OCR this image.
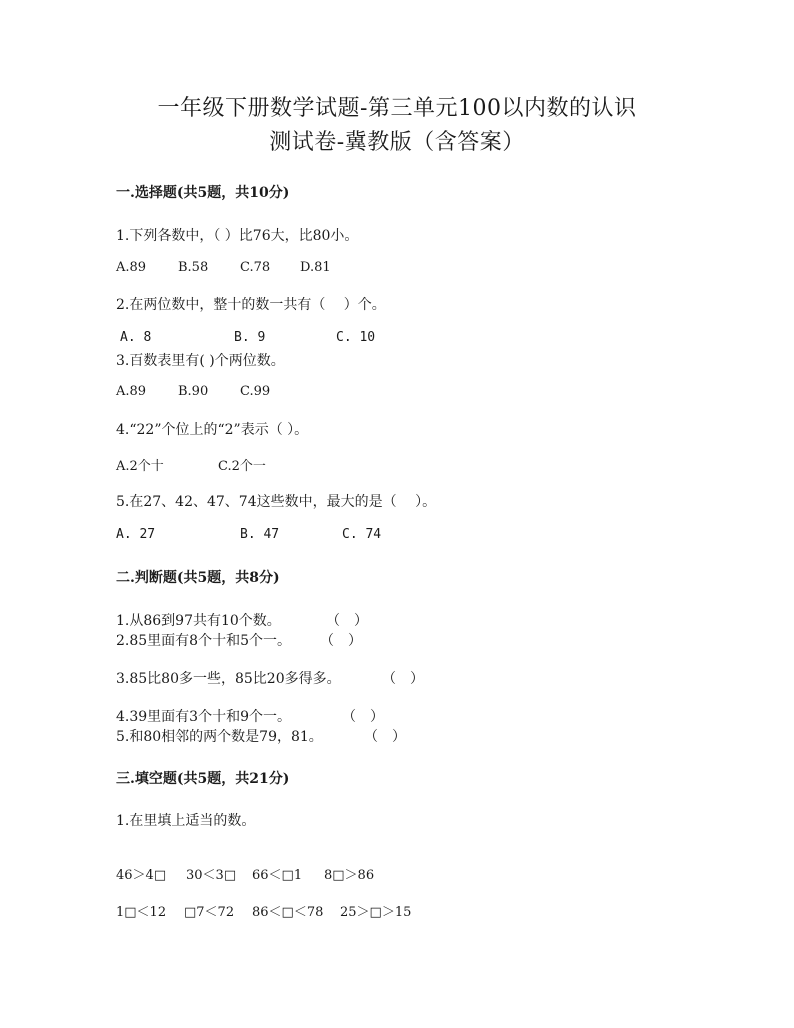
一年级下册数学试题-第三单元100以内数的认识
测试卷-冀教版（含答案）
一.选择题(共5题，共10分)
1.下列各数中，（ ）比76大，比80小。
A.89 B.58 C.78 D.81
2.在两位数中，整十的数一共有（　 ）个。
A. 8	B. 9	C. 10
3.百数表里有( )个两位数。
A.89 B.90 C.99
4.“22”个位上的“2”表示（ ）。
A.2个十	C.2个一
5.在27、42、47、74这些数中，最大的是（　 ）。
A. 27	B. 47	C. 74
二.判断题(共5题，共8分)
1.从86到97共有10个数。	（　）
2.85里面有8个十和5个一。 （　）
3.85比80多一些，85比20多得多。	（　）
4.39里面有3个十和9个一。	（　）
5.和80相邻的两个数是79，81。	（　）
三.填空题(共5题，共21分)
1.在里填上适当的数。
46＞4□ 30＜3□ 66＜□1 8□＞86
1□＜12 □7＜72 86＜□＜78 25＞□＞15
